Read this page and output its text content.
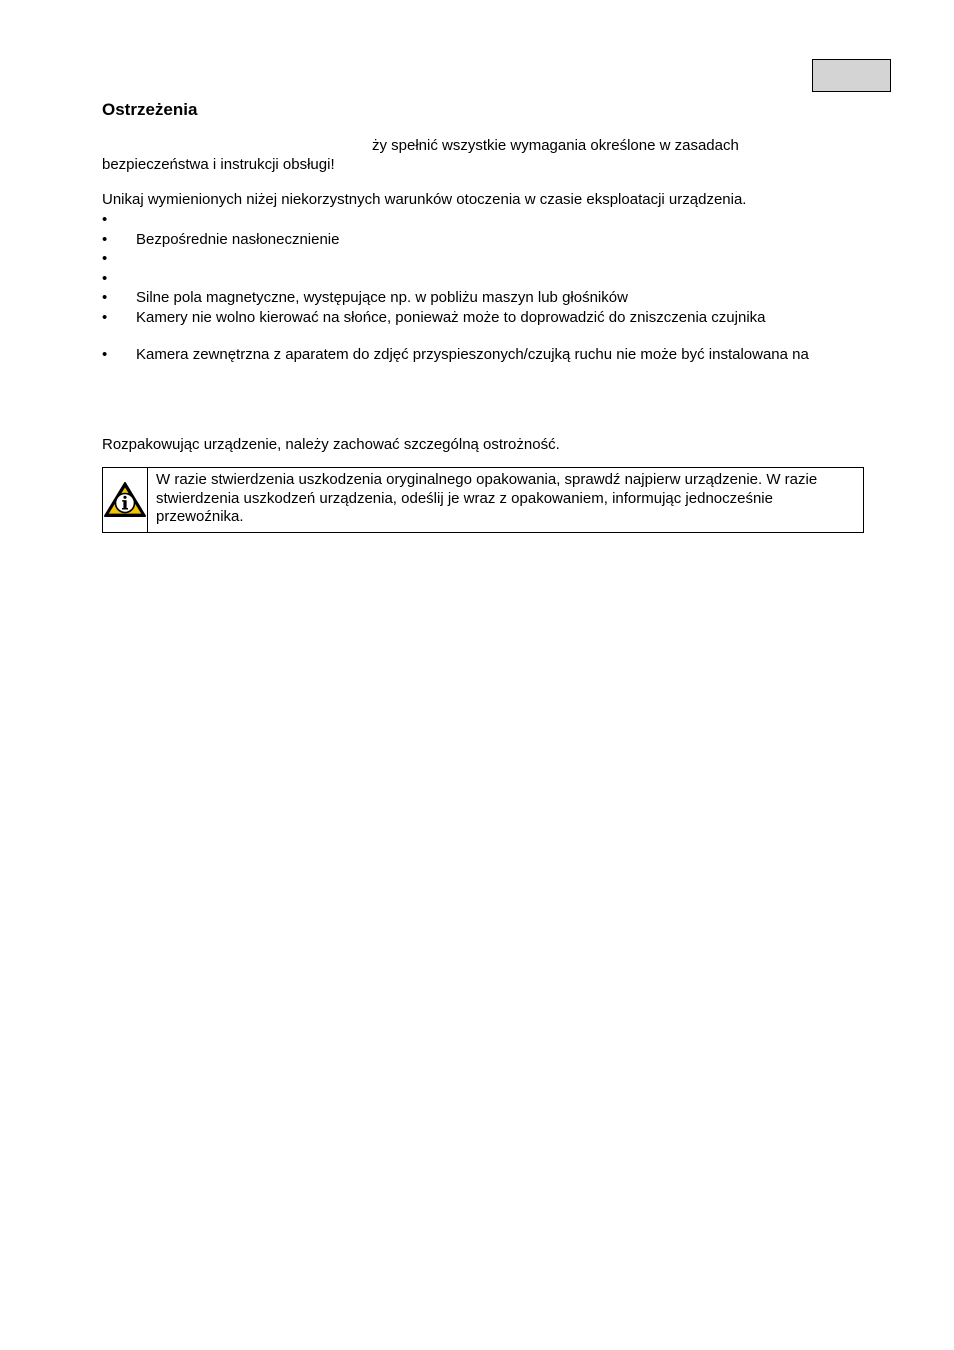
Ostrzeżenia
ży spełnić wszystkie wymagania określone w zasadach
bezpieczeństwa i instrukcji obsługi!
Unikaj wymienionych niżej niekorzystnych warunków otoczenia w czasie eksploatacji urządzenia.
•
• Bezpośrednie nasłonecznienie
•
•
• Silne pola magnetyczne, występujące np. w pobliżu maszyn lub głośników
• Kamery nie wolno kierować na słońce, ponieważ może to doprowadzić do zniszczenia czujnika
• Kamera zewnętrzna z aparatem do zdjęć przyspieszonych/czujką ruchu nie może być instalowana na
Rozpakowując urządzenie, należy zachować szczególną ostrożność.
W razie stwierdzenia uszkodzenia oryginalnego opakowania, sprawdź najpierw urządzenie. W razie stwierdzenia uszkodzeń urządzenia, odeślij je wraz z opakowaniem, informując jednocześnie przewoźnika.
